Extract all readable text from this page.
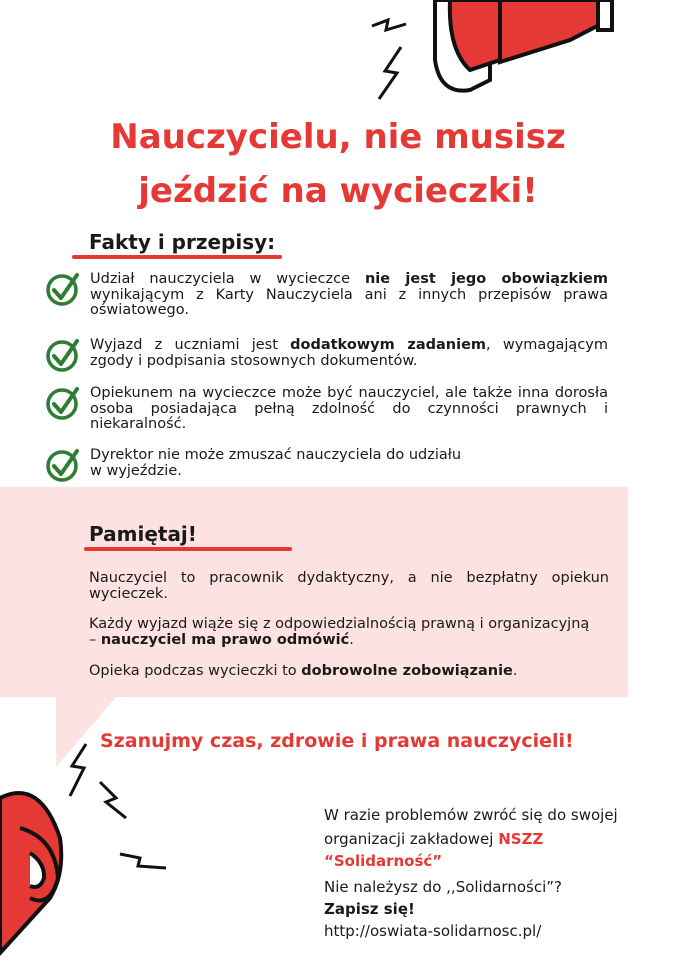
Nauczycielu, nie musisz
jeździć na wycieczki!
Fakty i przepisy:
Udział nauczyciela w wycieczce nie jest jego obowiązkiem wynikającym z Karty Nauczyciela ani z innych przepisów prawa oświatowego.
Wyjazd z uczniami jest dodatkowym zadaniem, wymagającym zgody i podpisania stosownych dokumentów.
Opiekunem na wycieczce może być nauczyciel, ale także inna dorosła osoba posiadająca pełną zdolność do czynności prawnych i niekaralność.
Dyrektor nie może zmuszać nauczyciela do udziału
w wyjeździe.
Pamiętaj!
Nauczyciel to pracownik dydaktyczny, a nie bezpłatny opiekun wycieczek.
Każdy wyjazd wiąże się z odpowiedzialnością prawną i organizacyjną
– nauczyciel ma prawo odmówić.
Opieka podczas wycieczki to dobrowolne zobowiązanie.
Szanujmy czas, zdrowie i prawa nauczycieli!
W razie problemów zwróć się do swojej
organizacji zakładowej NSZZ “Solidarność”
Nie należysz do ,,Solidarności”?
Zapisz się!
http://oswiata-solidarnosc.pl/
